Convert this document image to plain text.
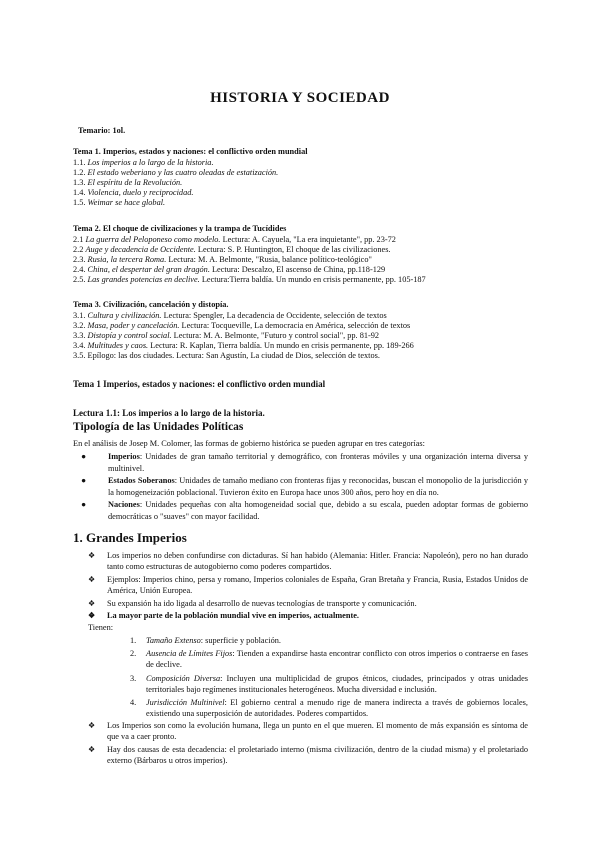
HISTORIA Y SOCIEDAD
Temario: 1ol.
Tema 1. Imperios, estados y naciones: el conflictivo orden mundial
1.1. Los imperios a lo largo de la historia.
1.2. El estado weberiano y las cuatro oleadas de estatización.
1.3. El espíritu de la Revolución.
1.4. Violencia, duelo y reciprocidad.
1.5. Weimar se hace global.
Tema 2. El choque de civilizaciones y la trampa de Tucídides
2.1 La guerra del Peloponeso como modelo. Lectura: A. Cayuela, "La era inquietante", pp. 23-72
2.2 Auge y decadencia de Occidente. Lectura: S. P. Huntington, El choque de las civilizaciones.
2.3. Rusia, la tercera Roma. Lectura: M. A. Belmonte, "Rusia, balance político-teológico"
2.4. China, el despertar del gran dragón. Lectura: Descalzo, El ascenso de China, pp.118-129
2.5. Las grandes potencias en declive. Lectura:Tierra baldía. Un mundo en crisis permanente, pp. 105-187
Tema 3. Civilización, cancelación y distopía.
3.1. Cultura y civilización. Lectura: Spengler, La decadencia de Occidente, selección de textos
3.2. Masa, poder y cancelación. Lectura: Tocqueville, La democracia en América, selección de textos
3.3. Distopía y control social. Lectura: M. A. Belmonte, "Futuro y control social", pp. 81-92
3.4. Multitudes y caos. Lectura: R. Kaplan, Tierra baldía. Un mundo en crisis permanente, pp. 189-266
3.5. Epílogo: las dos ciudades. Lectura: San Agustín, La ciudad de Dios, selección de textos.
Tema 1 Imperios, estados y naciones: el conflictivo orden mundial
Lectura 1.1: Los imperios a lo largo de la historia.
Tipología de las Unidades Políticas
En el análisis de Josep M. Colomer, las formas de gobierno histórica se pueden agrupar en tres categorías:
●	Imperios: Unidades de gran tamaño territorial y demográfico, con fronteras móviles y una organización interna diversa y multinivel.
●	Estados Soberanos: Unidades de tamaño mediano con fronteras fijas y reconocidas, buscan el monopolio de la jurisdicción y la homogeneización poblacional. Tuvieron éxito en Europa hace unos 300 años, pero hoy en día no.
●	Naciones: Unidades pequeñas con alta homogeneidad social que, debido a su escala, pueden adoptar formas de gobierno democráticas o "suaves" con mayor facilidad.
1. Grandes Imperios
❖ Los imperios no deben confundirse con dictaduras. Sí han habido (Alemania: Hitler. Francia: Napoleón), pero no han durado tanto como estructuras de autogobierno como poderes compartidos.
❖ Ejemplos: Imperios chino, persa y romano, Imperios coloniales de España, Gran Bretaña y Francia, Rusia, Estados Unidos de América, Unión Europea.
❖ Su expansión ha ido ligada al desarrollo de nuevas tecnologías de transporte y comunicación.
❖ La mayor parte de la población mundial vive en imperios, actualmente.
Tienen:
1. Tamaño Extenso: superficie y población.
2. Ausencia de Límites Fijos: Tienden a expandirse hasta encontrar conflicto con otros imperios o contraerse en fases de declive.
3. Composición Diversa: Incluyen una multiplicidad de grupos étnicos, ciudades, principados y otras unidades territoriales bajo regímenes institucionales heterogéneos. Mucha diversidad e inclusión.
4. Jurisdicción Multinivel: El gobierno central a menudo rige de manera indirecta a través de gobiernos locales, existiendo una superposición de autoridades. Poderes compartidos.
❖ Los Imperios son como la evolución humana, llega un punto en el que mueren. El momento de más expansión es síntoma de que va a caer pronto.
❖ Hay dos causas de esta decadencia: el proletariado interno (misma civilización, dentro de la ciudad misma) y el proletariado externo (Bárbaros u otros imperios).
